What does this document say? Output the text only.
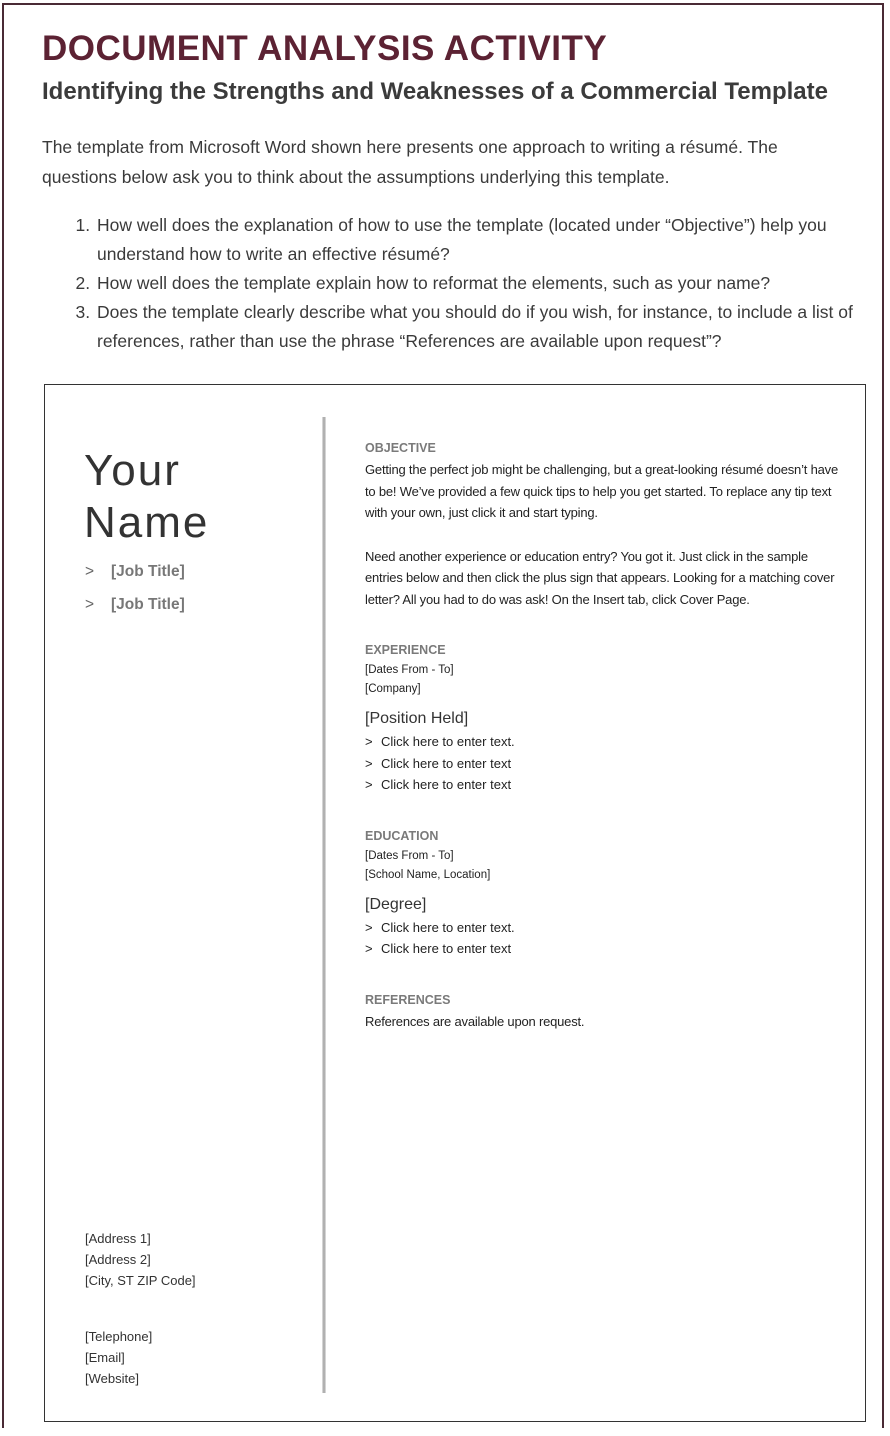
DOCUMENT ANALYSIS ACTIVITY
Identifying the Strengths and Weaknesses of a Commercial Template

The template from Microsoft Word shown here presents one approach to writing a résumé. The questions below ask you to think about the assumptions underlying this template.

1. How well does the explanation of how to use the template (located under “Objective”) help you understand how to write an effective résumé?
2. How well does the template explain how to reformat the elements, such as your name?
3. Does the template clearly describe what you should do if you wish, for instance, to include a list of references, rather than use the phrase “References are available upon request”?
Your
Name
>	[Job Title]
>	[Job Title]
[Address 1]
[Address 2]
[City, ST ZIP Code]
[Telephone]
[Email]
[Website]
OBJECTIVE

Getting the perfect job might be challenging, but a great-looking résumé doesn’t have to be! We’ve provided a few quick tips to help you get started. To replace any tip text with your own, just click it and start typing.

Need another experience or education entry? You got it. Just click in the sample entries below and then click the plus sign that appears. Looking for a matching cover letter? All you had to do was ask! On the Insert tab, click Cover Page.

EXPERIENCE
[Dates From - To]
[Company]
[Position Held]
> Click here to enter text.
> Click here to enter text
> Click here to enter text
EDUCATION
[Dates From - To]
[School Name, Location]
[Degree]
> Click here to enter text.
> Click here to enter text
REFERENCES

References are available upon request.
